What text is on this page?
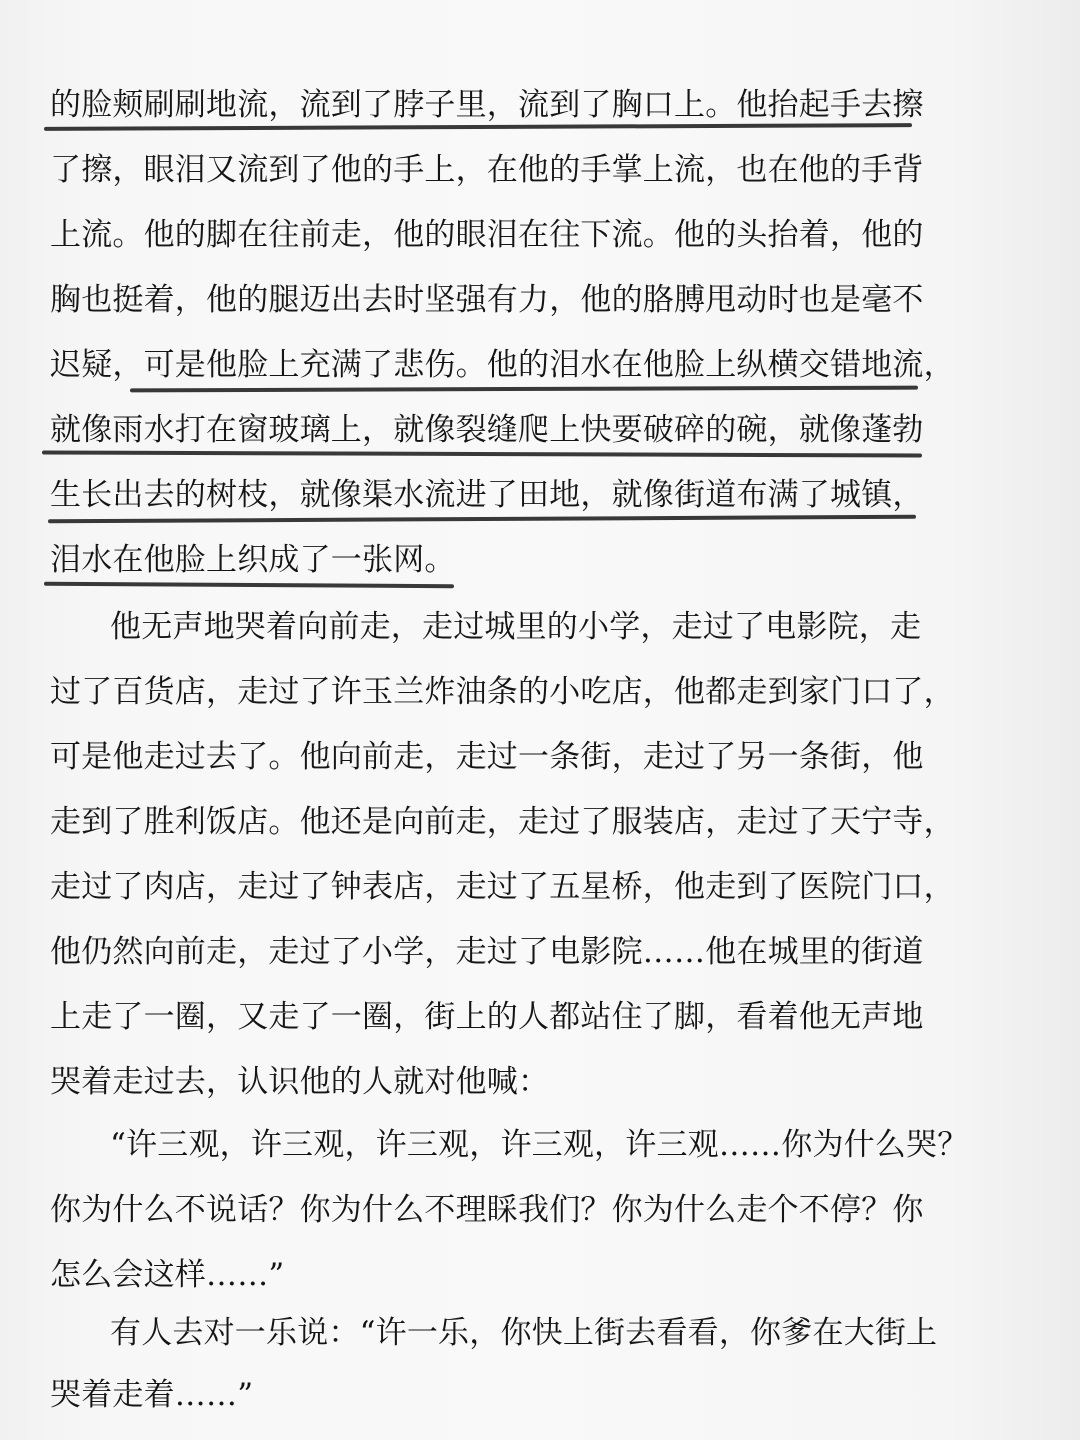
的脸颊刷刷地流，流到了脖子里，流到了胸口上。他抬起手去擦

了擦，眼泪又流到了他的手上，在他的手掌上流，也在他的手背

上流。他的脚在往前走，他的眼泪在往下流。他的头抬着，他的

胸也挺着，他的腿迈出去时坚强有力，他的胳膊甩动时也是毫不

迟疑，可是他脸上充满了悲伤。他的泪水在他脸上纵横交错地流，

就像雨水打在窗玻璃上，就像裂缝爬上快要破碎的碗，就像蓬勃

生长出去的树枝，就像渠水流进了田地，就像街道布满了城镇，

泪水在他脸上织成了一张网。

他无声地哭着向前走，走过城里的小学，走过了电影院，走

过了百货店，走过了许玉兰炸油条的小吃店，他都走到家门口了，

可是他走过去了。他向前走，走过一条街，走过了另一条街，他

走到了胜利饭店。他还是向前走，走过了服装店，走过了天宁寺，

走过了肉店，走过了钟表店，走过了五星桥，他走到了医院门口，

他仍然向前走，走过了小学，走过了电影院……他在城里的街道

上走了一圈，又走了一圈，街上的人都站住了脚，看着他无声地

哭着走过去，认识他的人就对他喊：

“许三观，许三观，许三观，许三观，许三观……你为什么哭？

你为什么不说话？你为什么不理睬我们？你为什么走个不停？你

怎么会这样……”

有人去对一乐说：“许一乐，你快上街去看看，你爹在大街上

哭着走着……”
